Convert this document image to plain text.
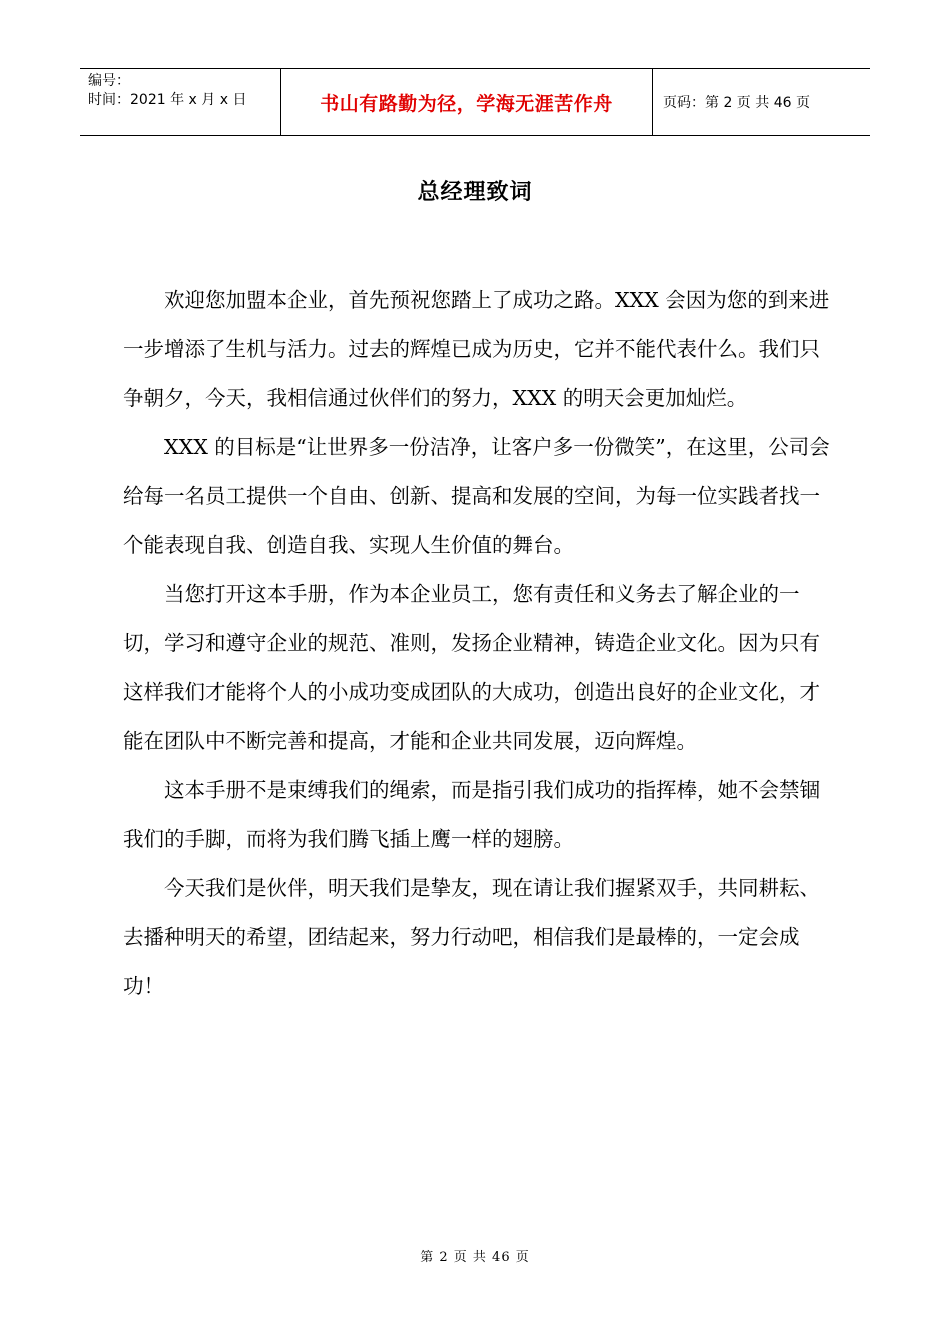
编号：
时间：2021 年 x 月 x 日	书山有路勤为径，学海无涯苦作舟	页码：第 2 页 共 46 页
总经理致词

欢迎您加盟本企业，首先预祝您踏上了成功之路。XXX 会因为您的到来进一步增添了生机与活力。过去的辉煌已成为历史，它并不能代表什么。我们只争朝夕，今天，我相信通过伙伴们的努力，XXX 的明天会更加灿烂。

XXX 的目标是“让世界多一份洁净，让客户多一份微笑”，在这里，公司会给每一名员工提供一个自由、创新、提高和发展的空间，为每一位实践者找一个能表现自我、创造自我、实现人生价值的舞台。

当您打开这本手册，作为本企业员工，您有责任和义务去了解企业的一切，学习和遵守企业的规范、准则，发扬企业精神，铸造企业文化。因为只有这样我们才能将个人的小成功变成团队的大成功，创造出良好的企业文化，才能在团队中不断完善和提高，才能和企业共同发展，迈向辉煌。

这本手册不是束缚我们的绳索，而是指引我们成功的指挥棒，她不会禁锢我们的手脚，而将为我们腾飞插上鹰一样的翅膀。

今天我们是伙伴，明天我们是挚友，现在请让我们握紧双手，共同耕耘、去播种明天的希望，团结起来，努力行动吧，相信我们是最棒的，一定会成功！

第 2 页 共 46 页
